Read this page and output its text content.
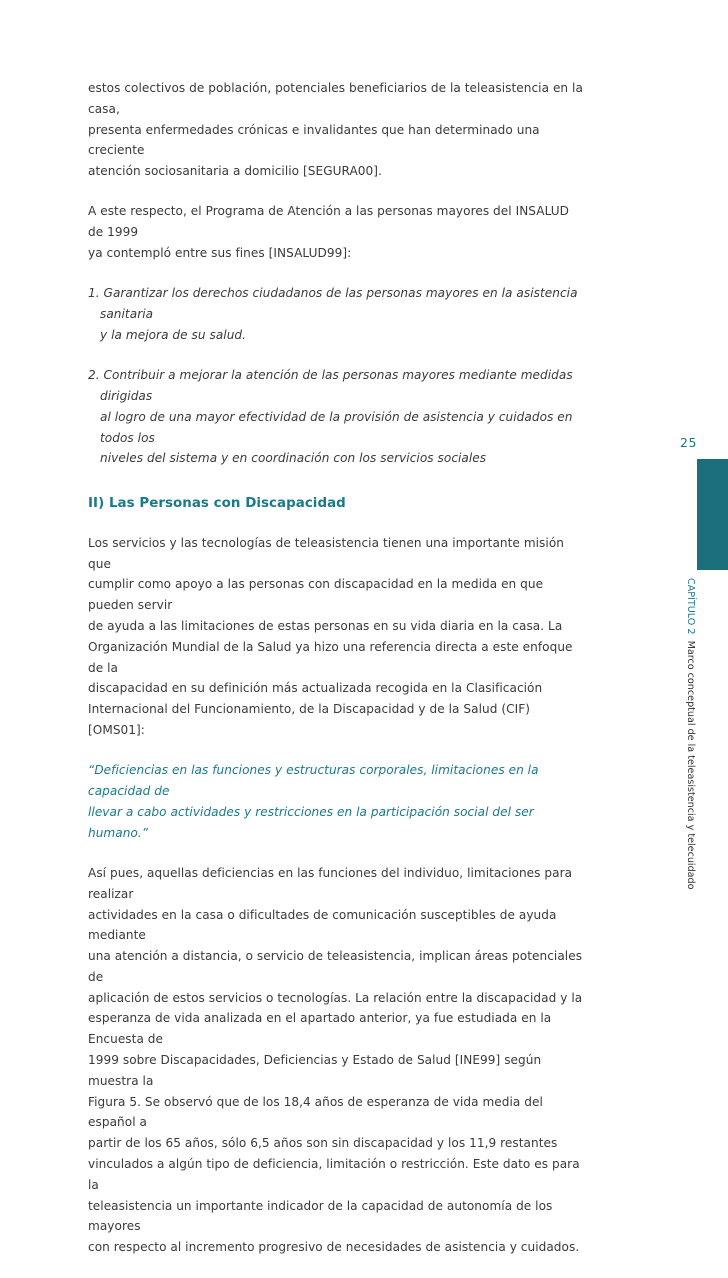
estos colectivos de población, potenciales beneficiarios de la teleasistencia en la casa,
presenta enfermedades crónicas e invalidantes que han determinado una creciente
atención sociosanitaria a domicilio [SEGURA00].

A este respecto, el Programa de Atención a las personas mayores del INSALUD de 1999
ya contempló entre sus fines [INSALUD99]:

1. Garantizar los derechos ciudadanos de las personas mayores en la asistencia sanitaria
y la mejora de su salud.

2. Contribuir a mejorar la atención de las personas mayores mediante medidas dirigidas
al logro de una mayor efectividad de la provisión de asistencia y cuidados en todos los
niveles del sistema y en coordinación con los servicios sociales

II) Las Personas con Discapacidad

Los servicios y las tecnologías de teleasistencia tienen una importante misión que
cumplir como apoyo a las personas con discapacidad en la medida en que pueden servir
de ayuda a las limitaciones de estas personas en su vida diaria en la casa. La
Organización Mundial de la Salud ya hizo una referencia directa a este enfoque de la
discapacidad en su definición más actualizada recogida en la Clasificación
Internacional del Funcionamiento, de la Discapacidad y de la Salud (CIF) [OMS01]:

“Deficiencias en las funciones y estructuras corporales, limitaciones en la capacidad de
llevar a cabo actividades y restricciones en la participación social del ser humano.”

Así pues, aquellas deficiencias en las funciones del individuo, limitaciones para realizar
actividades en la casa o dificultades de comunicación susceptibles de ayuda mediante
una atención a distancia, o servicio de teleasistencia, implican áreas potenciales de
aplicación de estos servicios o tecnologías. La relación entre la discapacidad y la
esperanza de vida analizada en el apartado anterior, ya fue estudiada en la Encuesta de
1999 sobre Discapacidades, Deficiencias y Estado de Salud [INE99] según muestra la
Figura 5. Se observó que de los 18,4 años de esperanza de vida media del español a
partir de los 65 años, sólo 6,5 años son sin discapacidad y los 11,9 restantes
vinculados a algún tipo de deficiencia, limitación o restricción. Este dato es para la
teleasistencia un importante indicador de la capacidad de autonomía de los mayores
con respecto al incremento progresivo de necesidades de asistencia y cuidados.

25
CAPÍTULO 2  Marco conceptual de la teleasistencia y telecuidado
